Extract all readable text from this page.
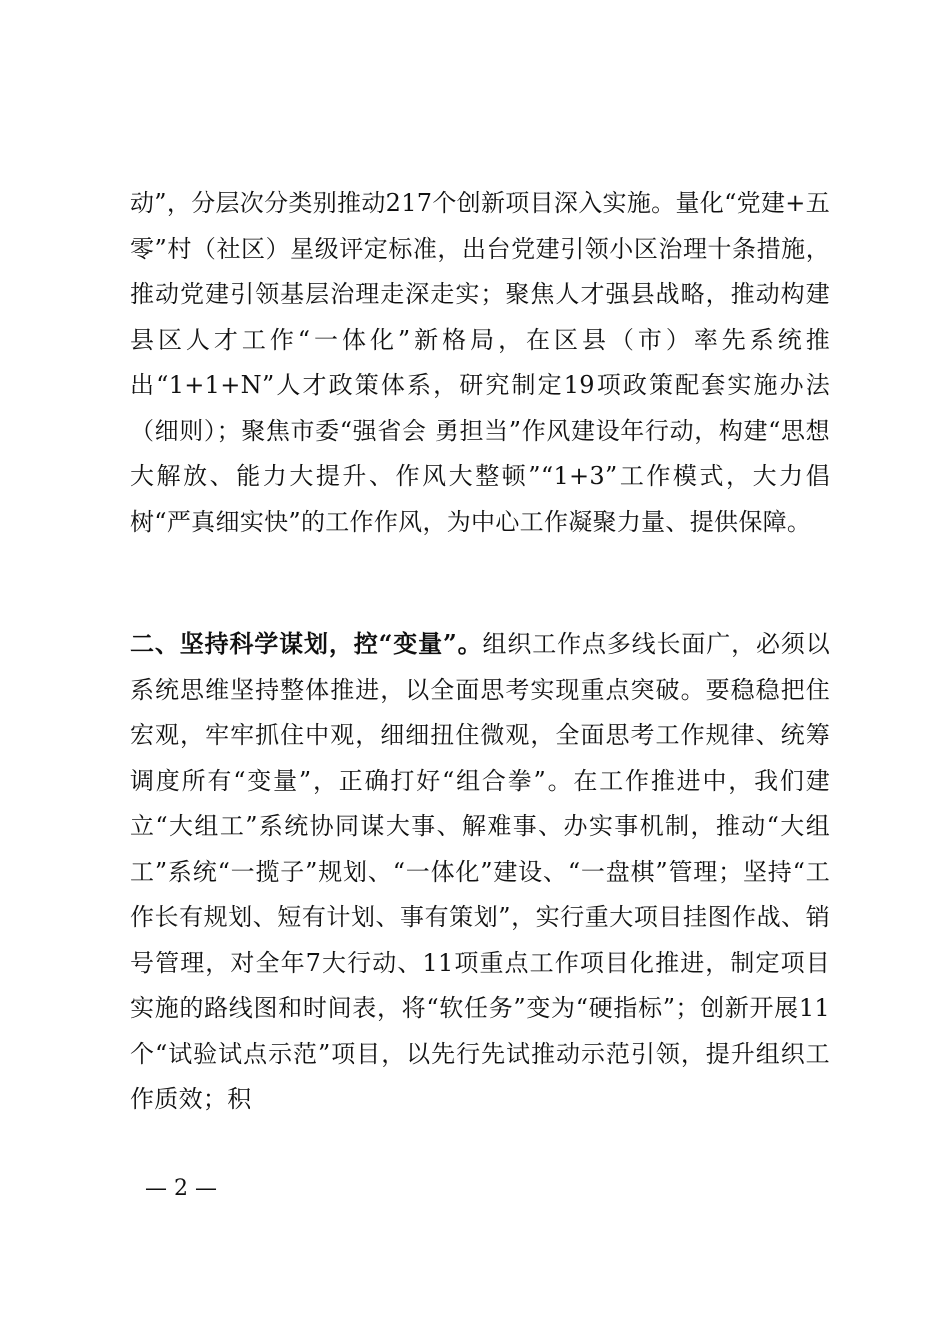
动”，分层次分类别推动217个创新项目深入实施。量化“党建+五零”村（社区）星级评定标准，出台党建引领小区治理十条措施，推动党建引领基层治理走深走实；聚焦人才强县战略，推动构建县区人才工作“一体化”新格局，在区县（市）率先系统推出“1+1+N”人才政策体系，研究制定19项政策配套实施办法（细则）；聚焦市委“强省会 勇担当”作风建设年行动，构建“思想大解放、能力大提升、作风大整顿”“1+3”工作模式，大力倡树“严真细实快”的工作作风，为中心工作凝聚力量、提供保障。

二、坚持科学谋划，控“变量”。组织工作点多线长面广，必须以系统思维坚持整体推进，以全面思考实现重点突破。要稳稳把住宏观，牢牢抓住中观，细细扭住微观，全面思考工作规律、统筹调度所有“变量”，正确打好“组合拳”。在工作推进中，我们建立“大组工”系统协同谋大事、解难事、办实事机制，推动“大组工”系统“一揽子”规划、“一体化”建设、“一盘棋”管理；坚持“工作长有规划、短有计划、事有策划”，实行重大项目挂图作战、销号管理，对全年7大行动、11项重点工作项目化推进，制定项目实施的路线图和时间表，将“软任务”变为“硬指标”；创新开展11个“试验试点示范”项目，以先行先试推动示范引领，提升组织工作质效；积

— 2 —
